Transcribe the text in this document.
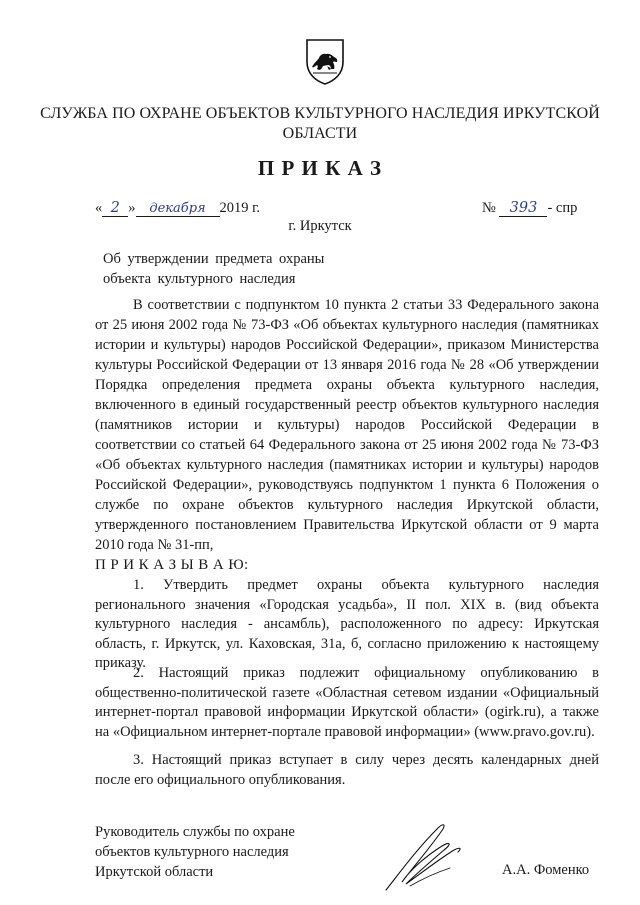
СЛУЖБА ПО ОХРАНЕ ОБЪЕКТОВ КУЛЬТУРНОГО НАСЛЕДИЯ ИРКУТСКОЙ
ОБЛАСТИ
П Р И К А З
« 2 » декабря 2019 г.	№ 393 - спр
г. Иркутск
Об утверждении предмета охраны
объекта культурного наследия
В соответствии с подпунктом 10 пункта 2 статьи 33 Федерального закона от 25 июня 2002 года № 73-ФЗ «Об объектах культурного наследия (памятниках истории и культуры) народов Российской Федерации», приказом Министерства культуры Российской Федерации от 13 января 2016 года № 28 «Об утверждении Порядка определения предмета охраны объекта культурного наследия, включенного в единый государственный реестр объектов культурного наследия (памятников истории и культуры) народов Российской Федерации в соответствии со статьей 64 Федерального закона от 25 июня 2002 года № 73-ФЗ «Об объектах культурного наследия (памятниках истории и культуры) народов Российской Федерации», руководствуясь подпунктом 1 пункта 6 Положения о службе по охране объектов культурного наследия Иркутской области, утвержденного постановлением Правительства Иркутской области от 9 марта 2010 года № 31-пп,
П Р И К А З Ы В А Ю:
1. Утвердить предмет охраны объекта культурного наследия регионального значения «Городская усадьба», II пол. XIX в. (вид объекта культурного наследия - ансамбль), расположенного по адресу: Иркутская область, г. Иркутск, ул. Каховская, 31а, б, согласно приложению к настоящему приказу.
2. Настоящий приказ подлежит официальному опубликованию в общественно-политической газете «Областная сетевом издании «Официальный интернет-портал правовой информации Иркутской области» (ogirk.ru), а также на «Официальном интернет-портале правовой информации» (www.pravo.gov.ru).
3. Настоящий приказ вступает в силу через десять календарных дней после его официального опубликования.
Руководитель службы по охране
объектов культурного наследия
Иркутской области	А.А. Фоменко
